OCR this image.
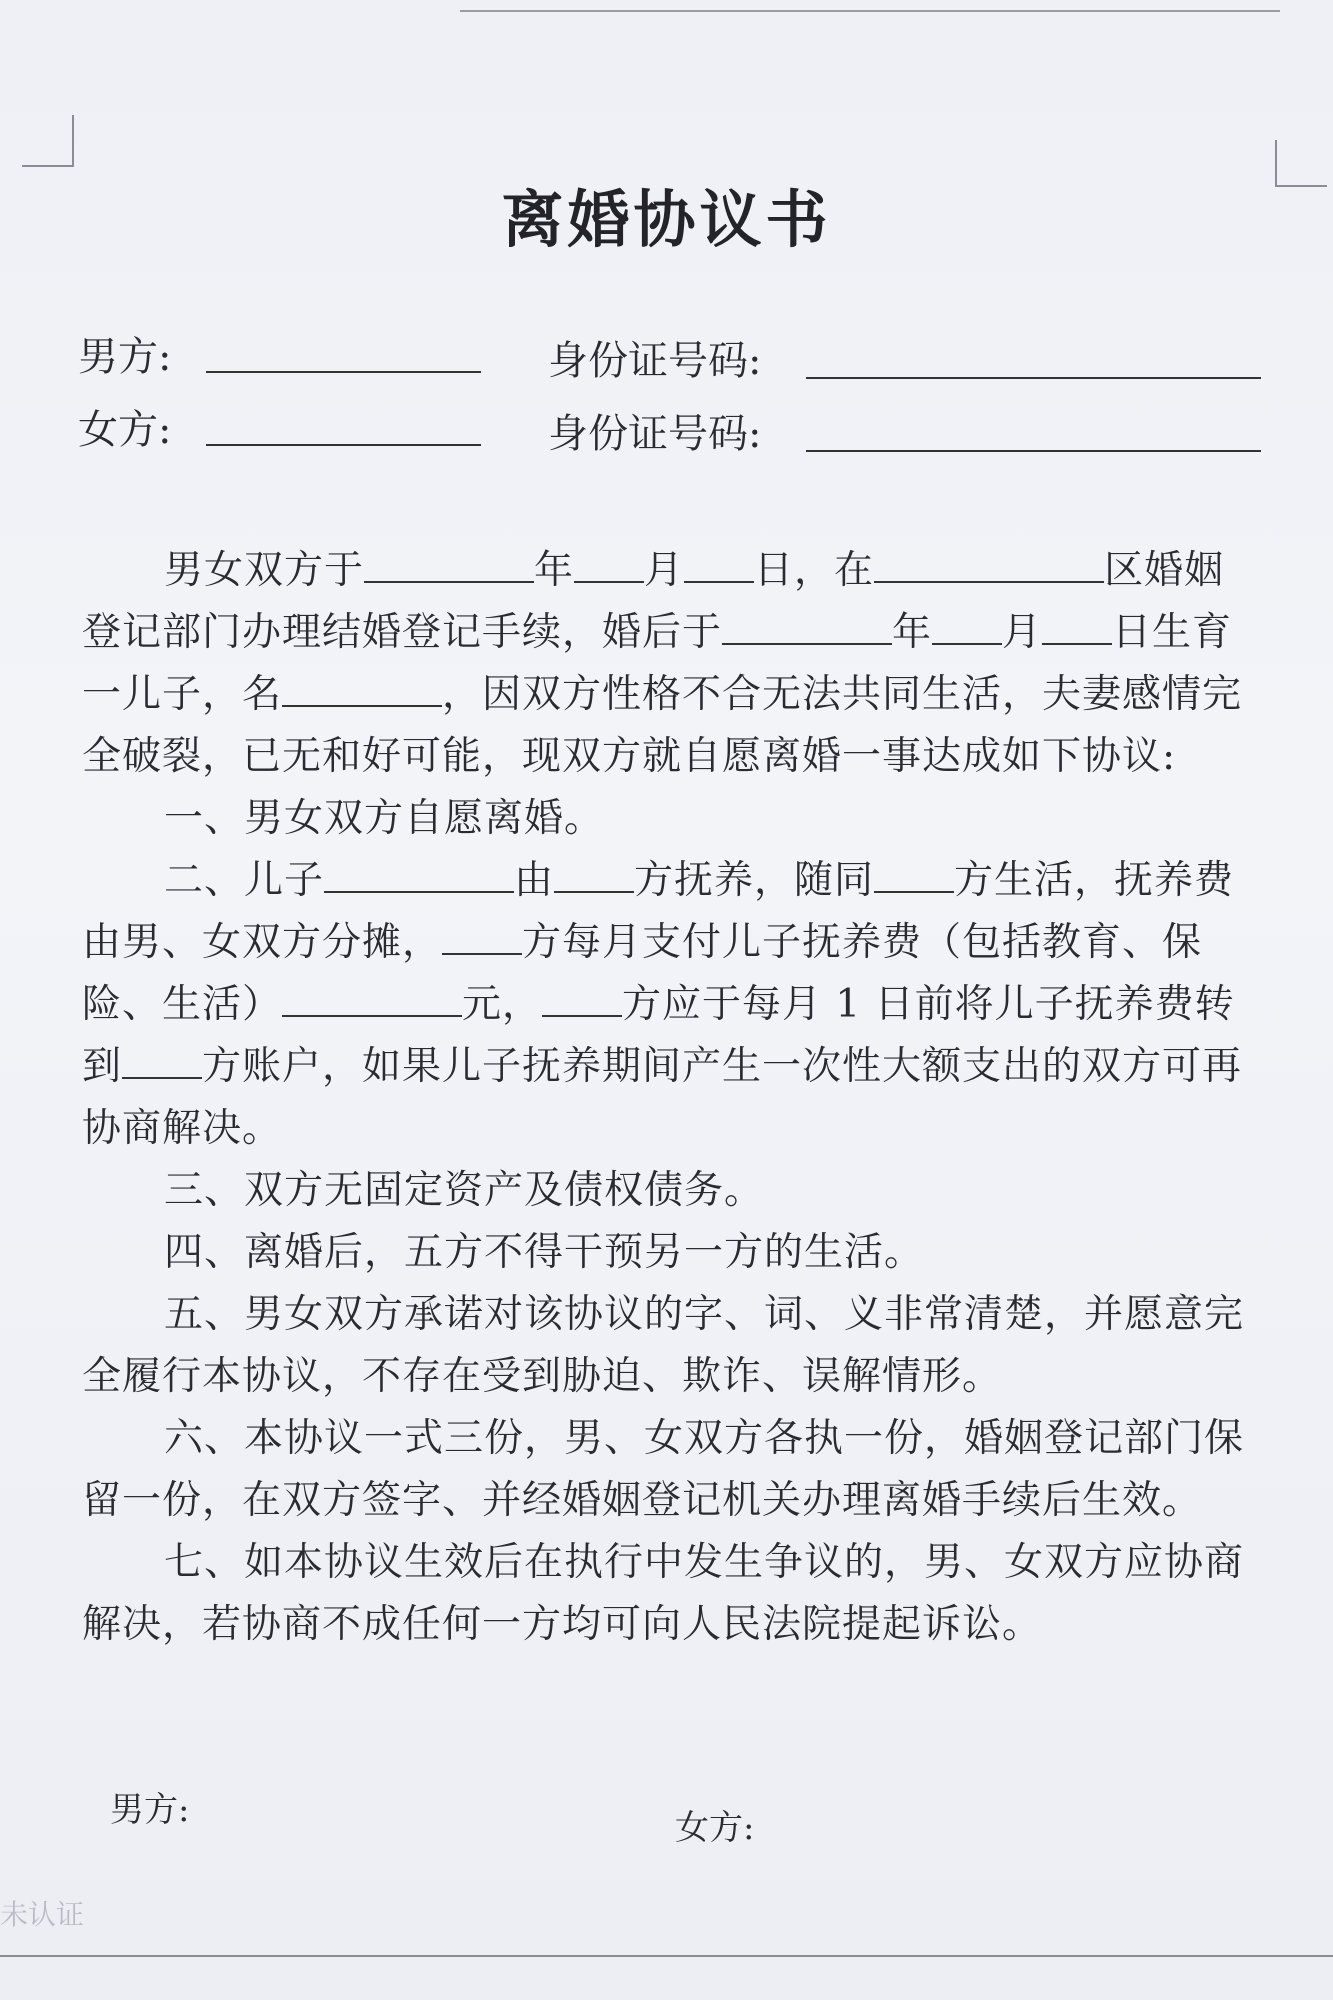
离婚协议书
男方:	身份证号码:
女方:	身份证号码:

男女双方于	年 月 日，在	区婚姻登记部门办理结婚登记手续，婚后于	年 月 日生育一儿子，名	，因双方性格不合无法共同生活，夫妻感情完全破裂，已无和好可能，现双方就自愿离婚一事达成如下协议:

一、男女双方自愿离婚。

二、儿子	由 方抚养，随同 方生活，抚养费由男、女双方分摊， 方每月支付儿子抚养费（包括教育、保险、生活）	元， 方应于每月 1 日前将儿子抚养费转到 方账户，如果儿子抚养期间产生一次性大额支出的双方可再协商解决。

三、双方无固定资产及债权债务。

四、离婚后，五方不得干预另一方的生活。

五、男女双方承诺对该协议的字、词、义非常清楚，并愿意完全履行本协议，不存在受到胁迫、欺诈、误解情形。

六、本协议一式三份，男、女双方各执一份，婚姻登记部门保留一份，在双方签字、并经婚姻登记机关办理离婚手续后生效。

七、如本协议生效后在执行中发生争议的，男、女双方应协商解决，若协商不成任何一方均可向人民法院提起诉讼。

男方:	女方:
未认证
